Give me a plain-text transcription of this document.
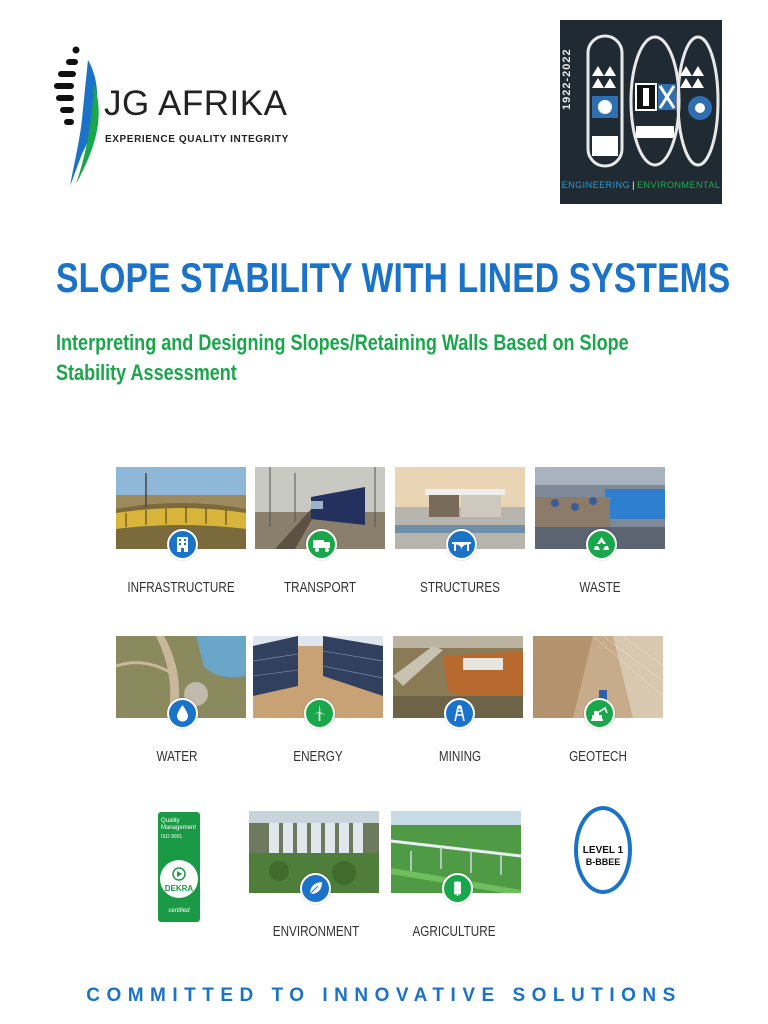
JG AFRIKA
EXPERIENCE QUALITY INTEGRITY
1922-2022
ENGINEERING | ENVIRONMENTAL
SLOPE STABILITY WITH LINED SYSTEMS
Interpreting and Designing Slopes/Retaining Walls Based on Slope Stability Assessment
INFRASTRUCTURE	TRANSPORT	STRUCTURES	WASTE
WATER	ENERGY	MINING	GEOTECH
Quality Management
ISO 9001
DEKRA
certified
ENVIRONMENT	AGRICULTURE
LEVEL 1
B-BBEE
COMMITTED TO INNOVATIVE SOLUTIONS
